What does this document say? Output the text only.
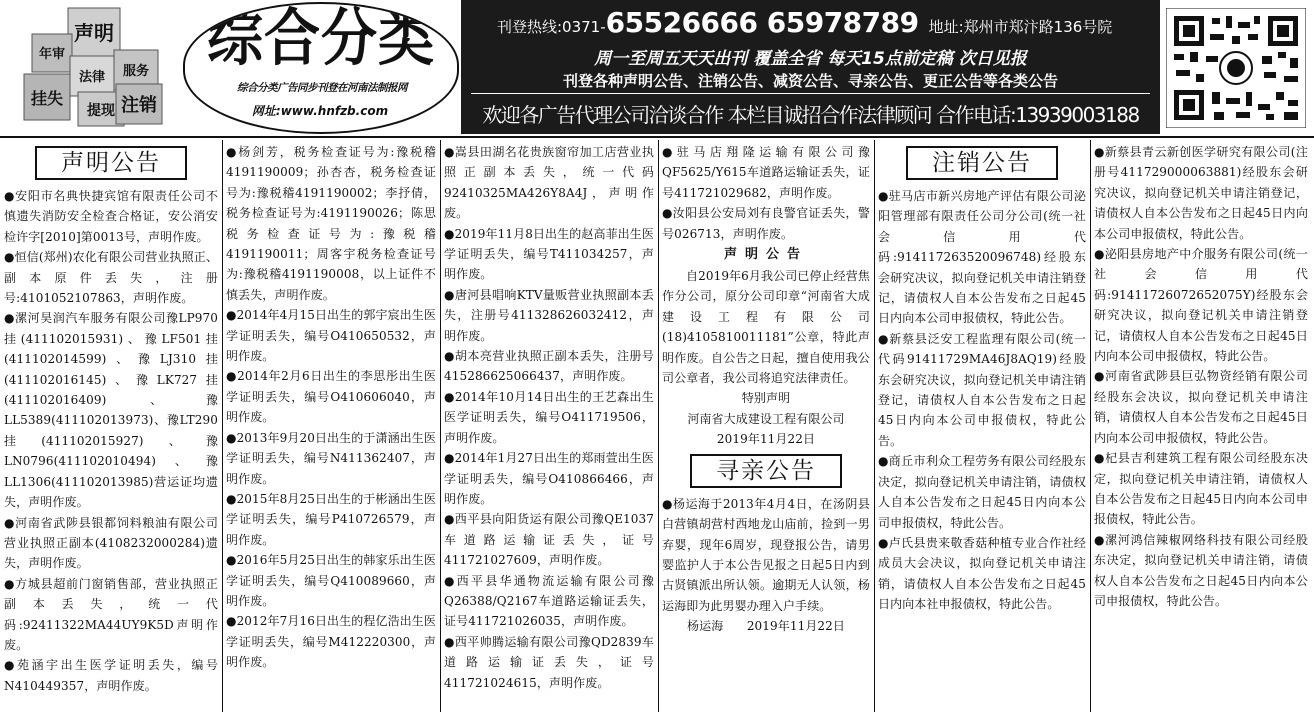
声明
年审
法律 服务
挂失
提现 注销
综合分类
综合分类广告同步刊登在河南法制报网
网址:www.hnfzb.com
刊登热线:0371-65526666 65978789 地址:郑州市郑汴路136号院
周一至周五天天出刊 覆盖全省 每天15点前定稿 次日见报
刊登各种声明公告、注销公告、减资公告、寻亲公告、更正公告等各类公告
欢迎各广告代理公司洽谈合作 本栏目诚招合作法律顾问 合作电话:13939003188
声明公告

●安阳市名典快捷宾馆有限责任公司不慎遗失消防安全检查合格证，安公消安检许字[2010]第0013号，声明作废。

●恒信(郑州)农化有限公司营业执照正、副本原件丢失，注册号:4101052107863，声明作废。

●漯河昊润汽车服务有限公司豫LP970挂(411102015931)、豫LF501挂(411102014599)、豫LJ310挂(411102016145)、豫LK727挂(411102016409)、豫LL5389(411102013973)、豫LT290挂(411102015927)、豫LN0796(411102010494)、豫LL1306(411102013985)营运证均遗失，声明作废。

●河南省武陟县银都饲料粮油有限公司营业执照正副本(4108232000284)遗失，声明作废。

●方城县超前门窗销售部，营业执照正副本丢失，统一代码:92411322MA44UY9K5D声明作废。

●苑涵宇出生医学证明丢失，编号N410449357，声明作废。

●杨剑芳，税务检查证号为:豫税稽4191190009；孙杏杏，税务检查证号为:豫税稽4191190002；李抒倩，税务检查证号为:4191190026；陈思税务检查证号为:豫税稽4191190011；周客宇税务检查证号为:豫税稽4191190008，以上证件不慎丢失，声明作废。

●2014年4月15日出生的郭宇宸出生医学证明丢失，编号O410650532，声明作废。

●2014年2月6日出生的李思彤出生医学证明丢失，编号O410606040，声明作废。

●2013年9月20日出生的于潇涵出生医学证明丢失，编号N411362407，声明作废。

●2015年8月25日出生的于彬涵出生医学证明丢失，编号P410726579，声明作废。

●2016年5月25日出生的韩家乐出生医学证明丢失，编号Q410089660，声明作废。

●2012年7月16日出生的程亿浩出生医学证明丢失，编号M412220300，声明作废。

●嵩县田湖名花贵族窗帘加工店营业执照正副本丢失，统一代码92410325MA426Y8A4J，声明作废。

●2019年11月8日出生的赵高菲出生医学证明丢失，编号T411034257，声明作废。

●唐河县唱响KTV量贩营业执照副本丢失，注册号411328626032412，声明作废。

●胡本亮营业执照正副本丢失，注册号415286625066437，声明作废。

●2014年10月14日出生的王艺森出生医学证明丢失，编号O411719506，声明作废。

●2014年1月27日出生的郑雨萱出生医学证明丢失，编号O410866466，声明作废。

●西平县向阳货运有限公司豫QE1037车道路运输证丢失，证号411721027609，声明作废。

●西平县华通物流运输有限公司豫Q26388/Q2167车道路运输证丢失，证号411721026035，声明作废。

●西平帅腾运输有限公司豫QD2839车道路运输证丢失，证号411721024615，声明作废。

●驻马店翔隆运输有限公司豫QF5625/Y615车道路运输证丢失，证号411721029682，声明作废。

●汝阳县公安局刘有良警官证丢失，警号026713，声明作废。

声明公告

自2019年6月我公司已停止经营焦作分公司，原分公司印章“河南省大成建设工程有限公司(18)4105810011181”公章，特此声明作废。自公告之日起，擅自使用我公司公章者，我公司将追究法律责任。

特别声明

河南省大成建设工程有限公司

2019年11月22日

寻亲公告

●杨运海于2013年4月4日，在汤阴县白营镇胡营村西地龙山庙前，捡到一男弃婴，现年6周岁，现登报公告，请男婴监护人于本公告见报之日起5日内到古贤镇派出所认领。逾期无人认领，杨运海即为此男婴办理入户手续。

杨运海 2019年11月22日

注销公告

●驻马店市新兴房地产评估有限公司泌阳管理部有限责任公司分公司(统一社会信用代码:914117263520096748)经股东会研究决议，拟向登记机关申请注销登记，请债权人自本公告发布之日起45日内向本公司申报债权，特此公告。

●新蔡县泛安工程监理有限公司(统一代码91411729MA46J8AQ19)经股东会研究决议，拟向登记机关申请注销登记，请债权人自本公告发布之日起45日内向本公司申报债权，特此公告。

●商丘市利众工程劳务有限公司经股东决定，拟向登记机关申请注销，请债权人自本公告发布之日起45日内向本公司申报债权，特此公告。

●卢氏县贵来敬香菇种植专业合作社经成员大会决议，拟向登记机关申请注销，请债权人自本公告发布之日起45日内向本社申报债权，特此公告。

●新蔡县青云新创医学研究有限公司(注册号411729000063881)经股东会研究决议，拟向登记机关申请注销登记，请债权人自本公告发布之日起45日内向本公司申报债权，特此公告。

●泌阳县房地产中介服务有限公司(统一社会信用代码:91411726072652075Y)经股东会研究决议，拟向登记机关申请注销登记，请债权人自本公告发布之日起45日内向本公司申报债权，特此公告。

●河南省武陟县巨弘物资经销有限公司经股东会决议，拟向登记机关申请注销，请债权人自本公告发布之日起45日内向本公司申报债权，特此公告。

●杞县吉利建筑工程有限公司经股东决定，拟向登记机关申请注销，请债权人自本公告发布之日起45日内向本公司申报债权，特此公告。

●漯河鸿信辣椒网络科技有限公司经股东决定，拟向登记机关申请注销，请债权人自本公告发布之日起45日内向本公司申报债权，特此公告。
